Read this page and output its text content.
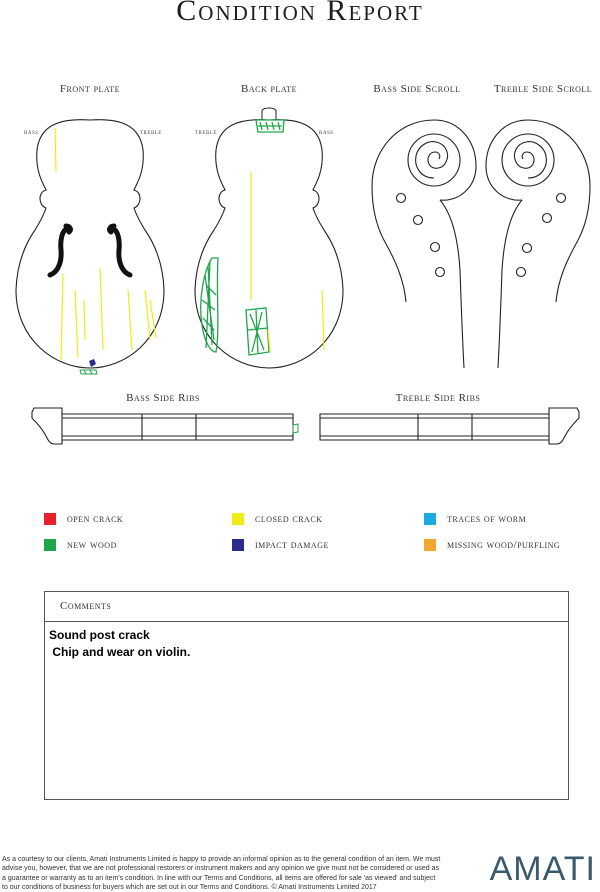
Condition Report
Front plate	Back plate	Bass Side Scroll	Treble Side Scroll
Bass Side Ribs	Treble Side Ribs
bass	treble	treble	bass
open crack	closed crack	traces of worm
new wood	impact damage	missing wood/purfling
Comments
Sound post crack
Chip and wear on violin.
As a courtesy to our clients, Amati Instruments Limited is happy to provide an informal opinion as to the general condition of an item. We must advise you, however, that we are not professional restorers or instrument makers and any opinion we give must not be considered or used as a guarantee or warranty as to an item's condition. In line with our Terms and Conditions, all items are offered for sale 'as viewed' and subject to our conditions of business for buyers which are set out in our Terms and Conditions. © Amati Instruments Limited 2017	AMATI
